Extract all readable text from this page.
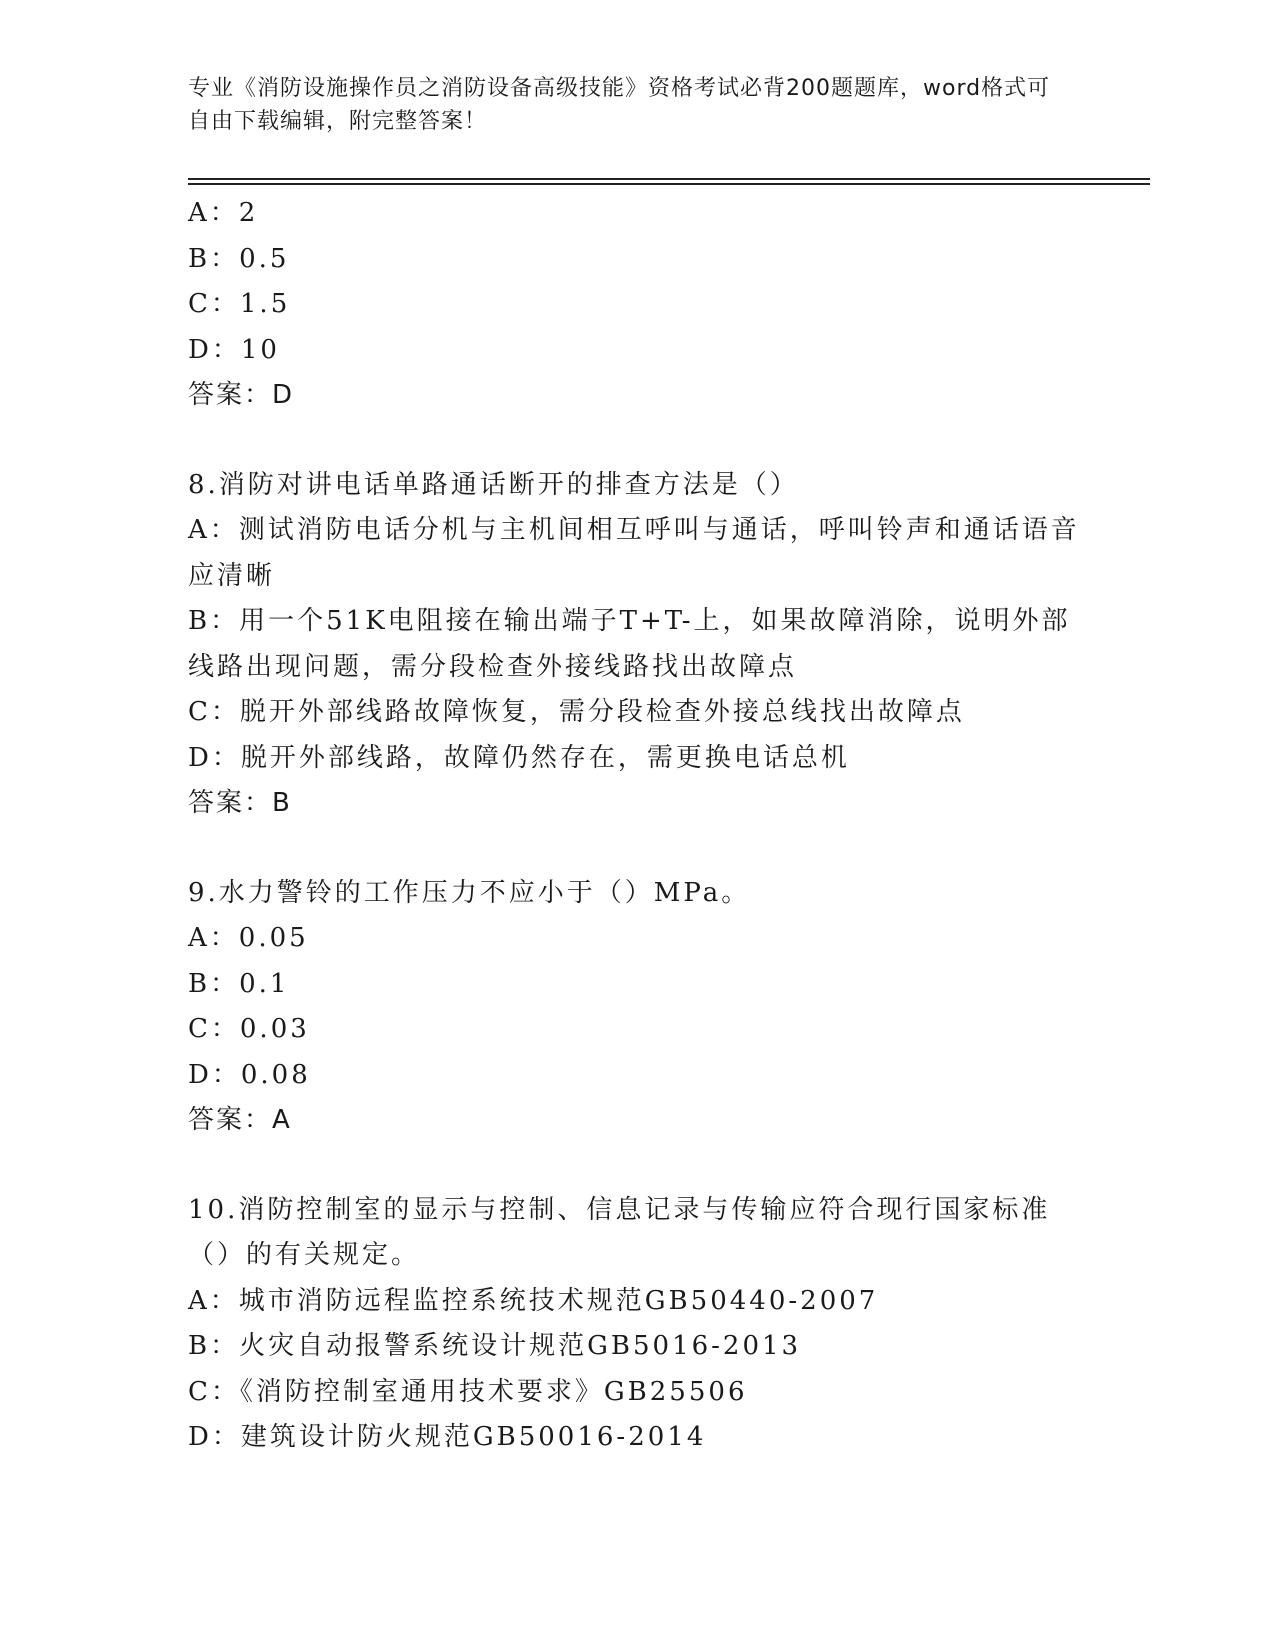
专业《消防设施操作员之消防设备高级技能》资格考试必背200题题库，word格式可自由下载编辑，附完整答案！
A：2
B：0.5
C：1.5
D：10
答案：D
8.消防对讲电话单路通话断开的排查方法是（）
A：测试消防电话分机与主机间相互呼叫与通话，呼叫铃声和通话语音应清晰
B：用一个51K电阻接在输出端子T+T-上，如果故障消除，说明外部线路出现问题，需分段检查外接线路找出故障点
C：脱开外部线路故障恢复，需分段检查外接总线找出故障点
D：脱开外部线路，故障仍然存在，需更换电话总机
答案：B
9.水力警铃的工作压力不应小于（）MPa。
A：0.05
B：0.1
C：0.03
D：0.08
答案：A
10.消防控制室的显示与控制、信息记录与传输应符合现行国家标准（）的有关规定。
A：城市消防远程监控系统技术规范GB50440-2007
B：火灾自动报警系统设计规范GB5016-2013
C：《消防控制室通用技术要求》GB25506
D：建筑设计防火规范GB50016-2014
